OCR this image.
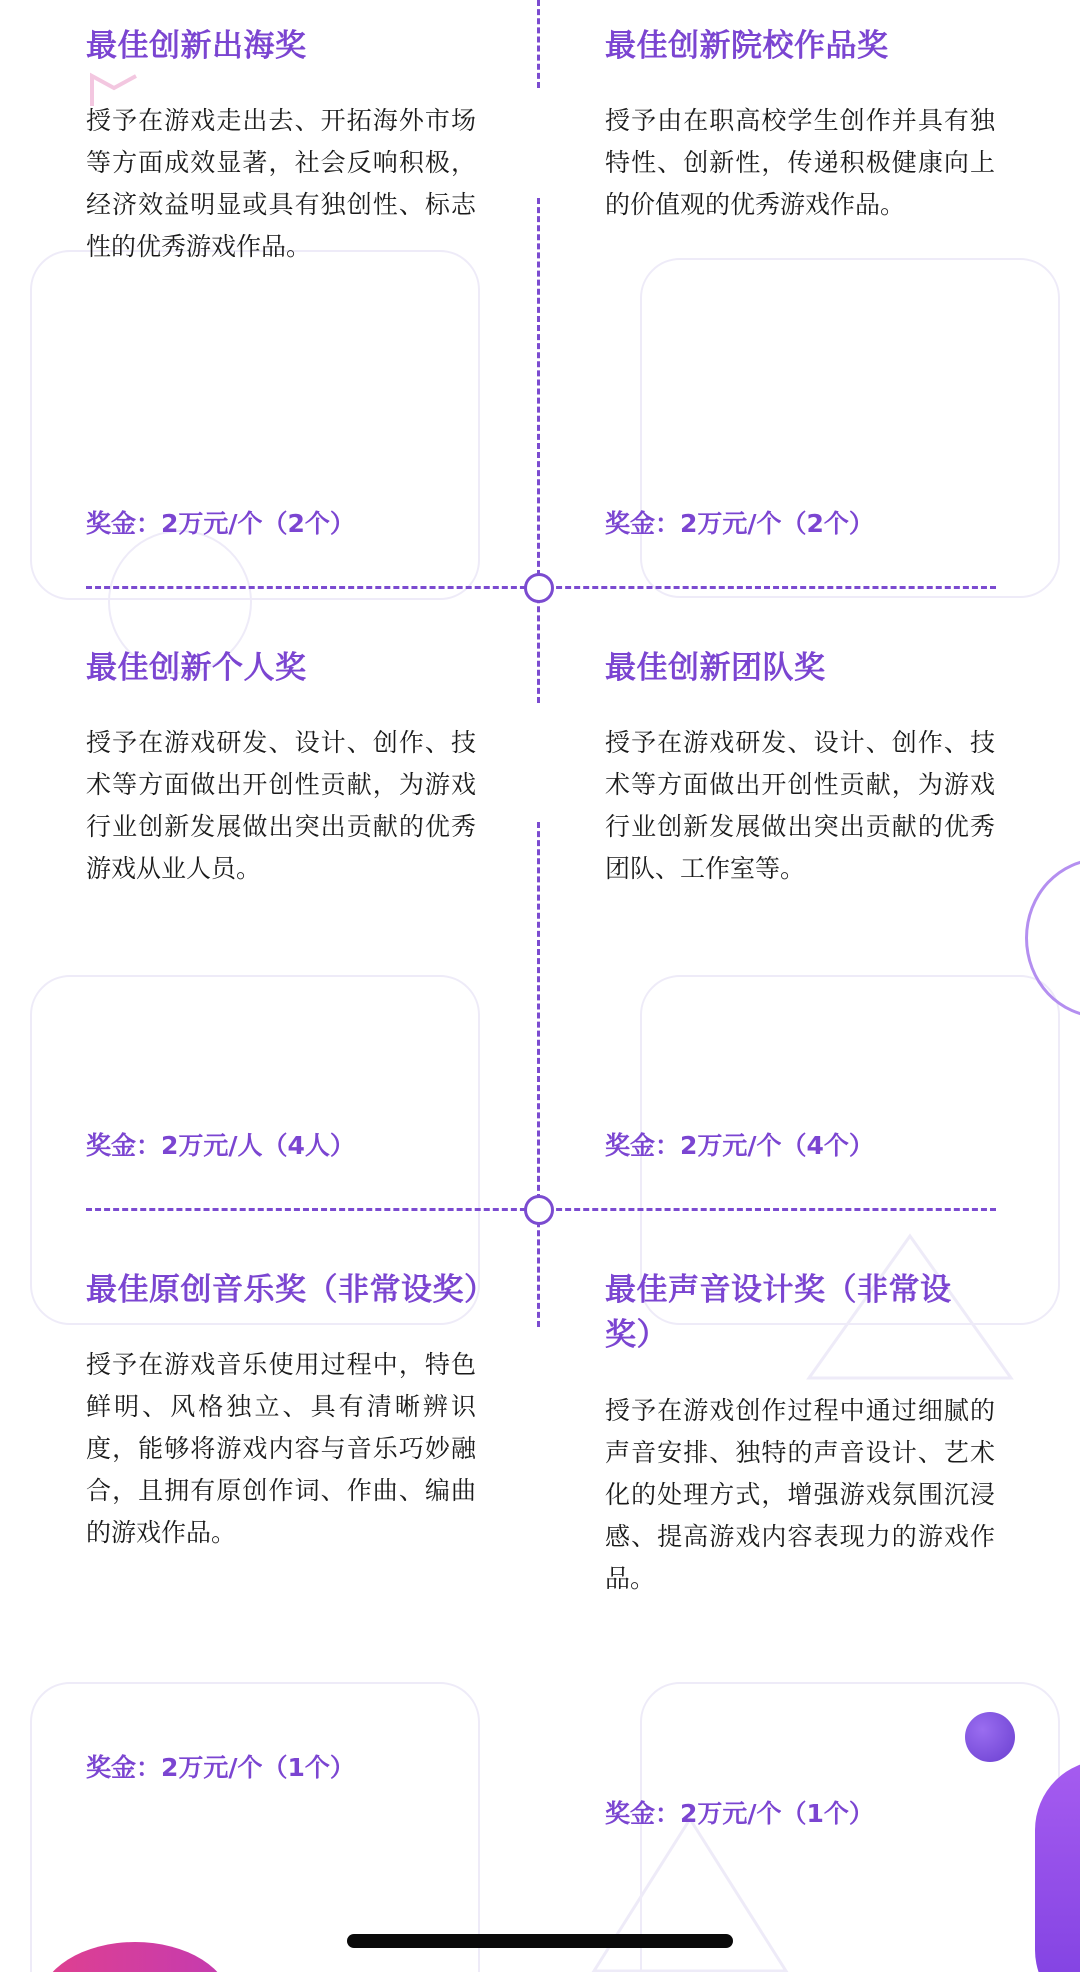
最佳创新出海奖
授予在游戏走出去、开拓海外市场等方面成效显著，社会反响积极，经济效益明显或具有独创性、标志性的优秀游戏作品。
奖金：2万元/个（2个）
最佳创新院校作品奖
授予由在职高校学生创作并具有独特性、创新性，传递积极健康向上的价值观的优秀游戏作品。
奖金：2万元/个（2个）
最佳创新个人奖
授予在游戏研发、设计、创作、技术等方面做出开创性贡献，为游戏行业创新发展做出突出贡献的优秀游戏从业人员。
奖金：2万元/人（4人）
最佳创新团队奖
授予在游戏研发、设计、创作、技术等方面做出开创性贡献，为游戏行业创新发展做出突出贡献的优秀团队、工作室等。
奖金：2万元/个（4个）
最佳原创音乐奖（非常设奖）
授予在游戏音乐使用过程中，特色鲜明、风格独立、具有清晰辨识度，能够将游戏内容与音乐巧妙融合，且拥有原创作词、作曲、编曲的游戏作品。
奖金：2万元/个（1个）
最佳声音设计奖（非常设奖）
授予在游戏创作过程中通过细腻的声音安排、独特的声音设计、艺术化的处理方式，增强游戏氛围沉浸感、提高游戏内容表现力的游戏作品。
奖金：2万元/个（1个）
